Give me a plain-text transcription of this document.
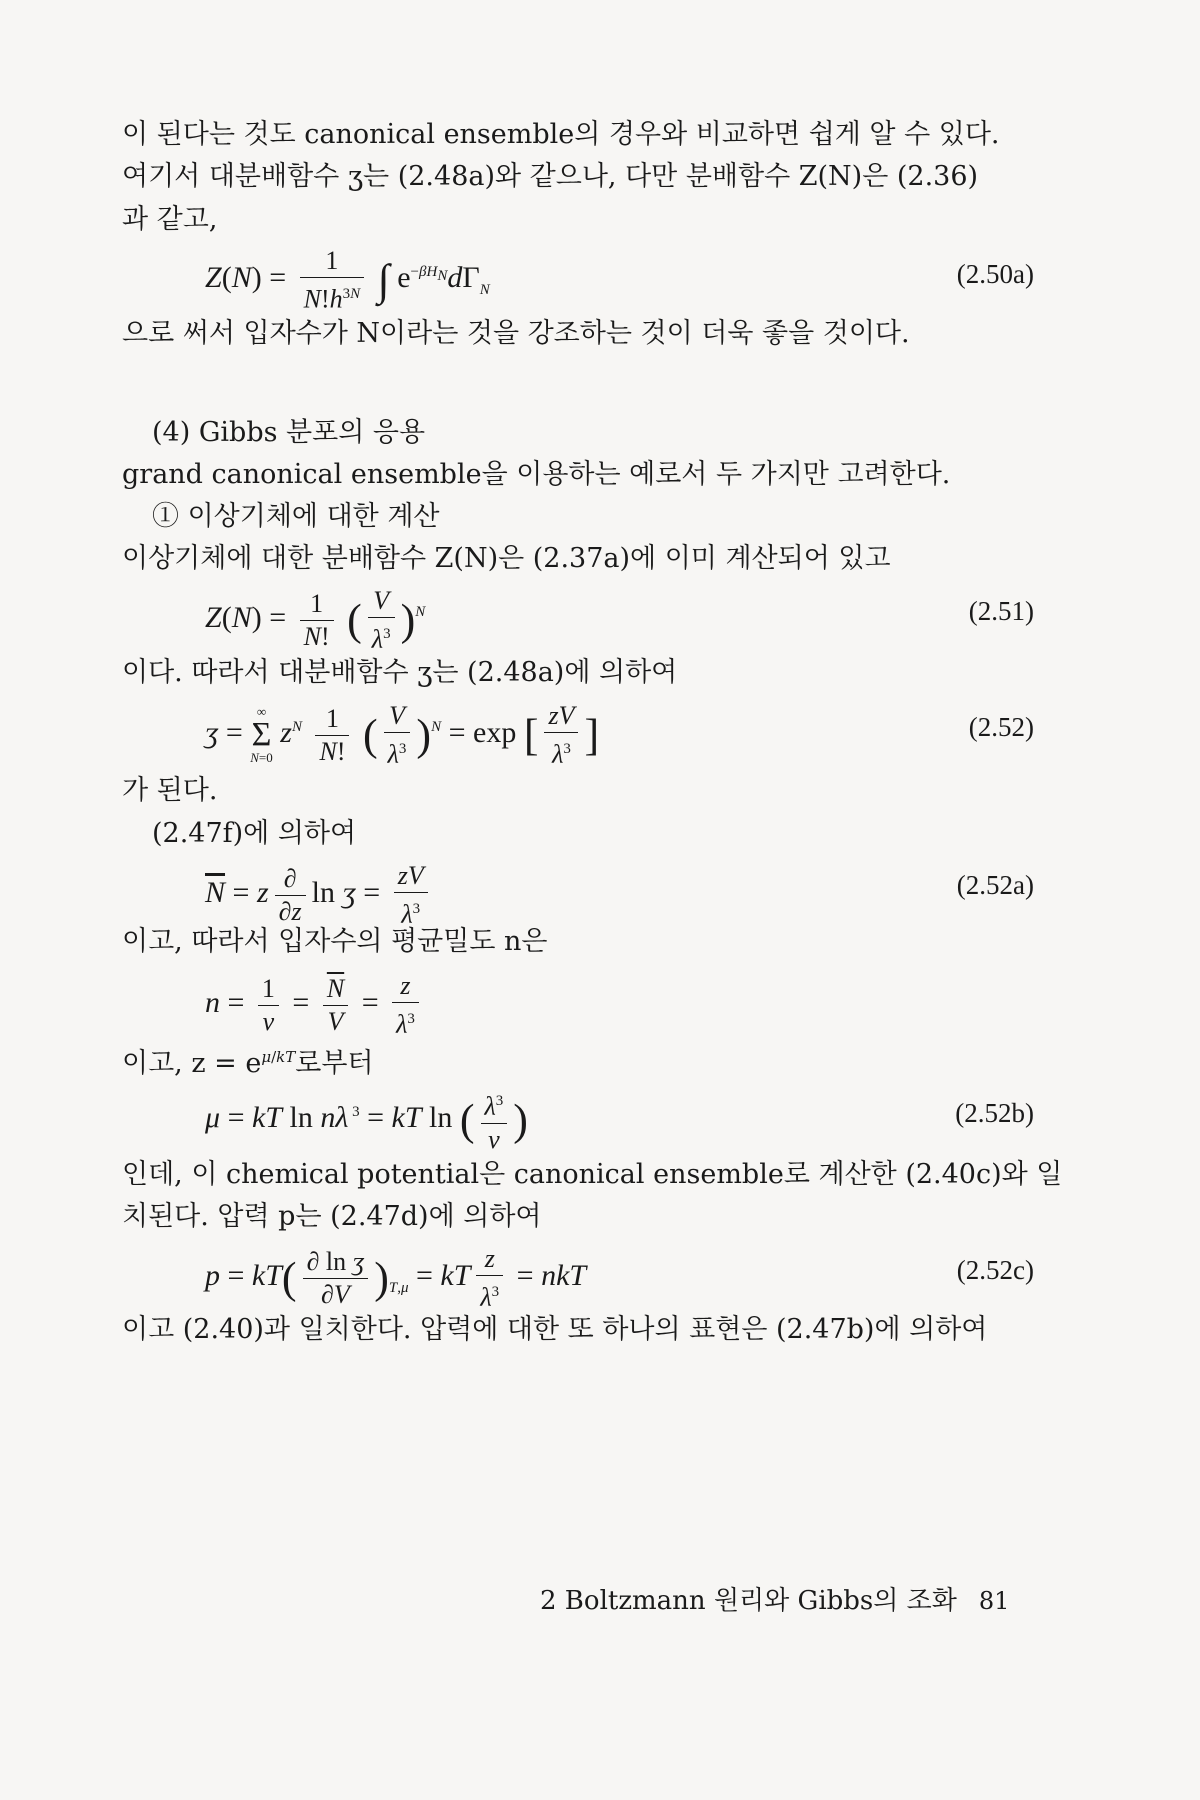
이 된다는 것도 canonical ensemble의 경우와 비교하면 쉽게 알 수 있다.
여기서 대분배함수 ʒ는 (2.48a)와 같으나, 다만 분배함수 Z(N)은 (2.36)
과 같고,
$Z(N) = \frac{1}{N!h^{3N}}$ ∫ $e^{-\beta H_N}d\Gamma_N$
(2.50a)
으로 써서 입자수가 N이라는 것을 강조하는 것이 더욱 좋을 것이다.
(4) Gibbs 분포의 응용
grand canonical ensemble을 이용하는 예로서 두 가지만 고려한다.
① 이상기체에 대한 계산
이상기체에 대한 분배함수 Z(N)은 (2.37a)에 이미 계산되어 있고
$Z(N) = \frac{1}{N!}$ ( $\frac{V}{\lambda^3} )^N$	(2.51)
이다. 따라서 대분배함수 ʒ는 (2.48a)에 의하여
ʒ =
∞
Σ
N=0
$z^N \frac{1}{N!}$ ( $\frac{V}{\lambda^3} )^N = \exp$ [ $\frac{zV}{\lambda^3}$ ]	(2.52)
가 된다.
(2.47f)에 의하여
$\overline{N} = z \frac{\partial}{\partial z}$ ln ʒ = $\frac{zV}{\lambda^3}$	(2.52a)
이고, 따라서 입자수의 평균밀도 n은
$n = \frac{1}{v} = \frac{\overline{N}}{V} = \frac{z}{\lambda^3}$
이고, $z = e^{\mu/kT}$로부터
μ = kT ln nλ $^3$ = kT ln ( $\frac{\lambda^3}{v}$ )	(2.52b)
인데, 이 chemical potential은 canonical ensemble로 계산한 (2.40c)와 일
치된다. 압력 p는 (2.47d)에 의하여
$p = kT( \frac{\text{∂ ln ʒ}}{\partial V} )_{T,\mu}$ = kT $\frac{z}{\lambda^3}$ = nkT	(2.52c)
이고 (2.40)과 일치한다. 압력에 대한 또 하나의 표현은 (2.47b)에 의하여
2 Boltzmann 원리와 Gibbs의 조화 81
